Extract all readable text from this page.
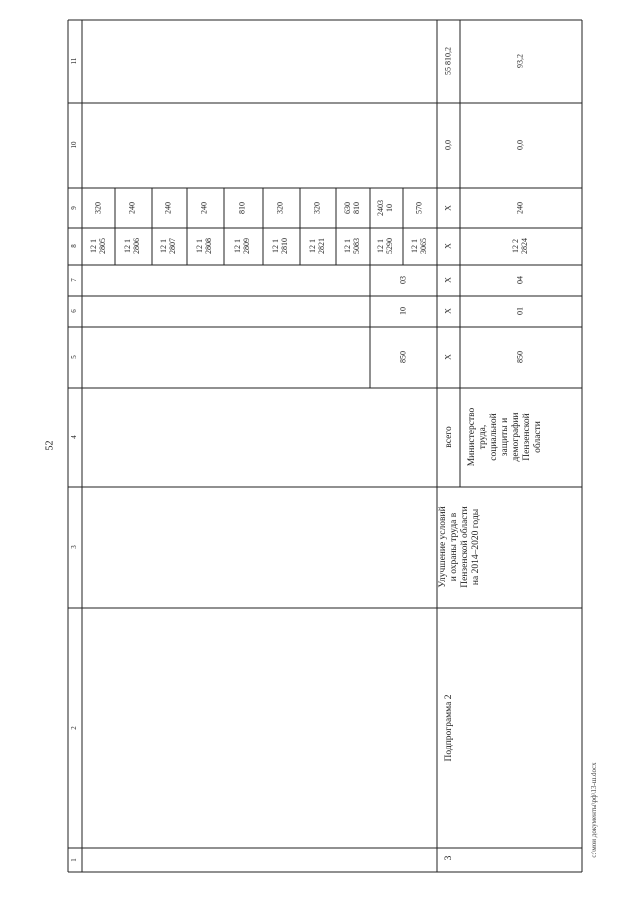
52
c:\мои документы\рф\13-ш.docx
11
10
9
8
7
6
5
4
3
2
1
12 1 2805
320
12 1 2806
240
12 1 2807
240
12 1 2808
240
12 1 2809
810
12 1 2810
320
12 1 2821
320
12 1 5083
630 810
12 1 5290
2403 10
12 1 3065
570
850
10
03
3
Подпрограмма 2
Улучшение условий
и охраны труда в
Пензенской области
на 2014–2020 годы
всего
Х
Х
Х
Х
Х
0,0
55 810,2
Министерство
труда,
социальной
защиты и
демографии
Пензенской
области
850
01
04
12 2 2824
240
0,0
93,2
